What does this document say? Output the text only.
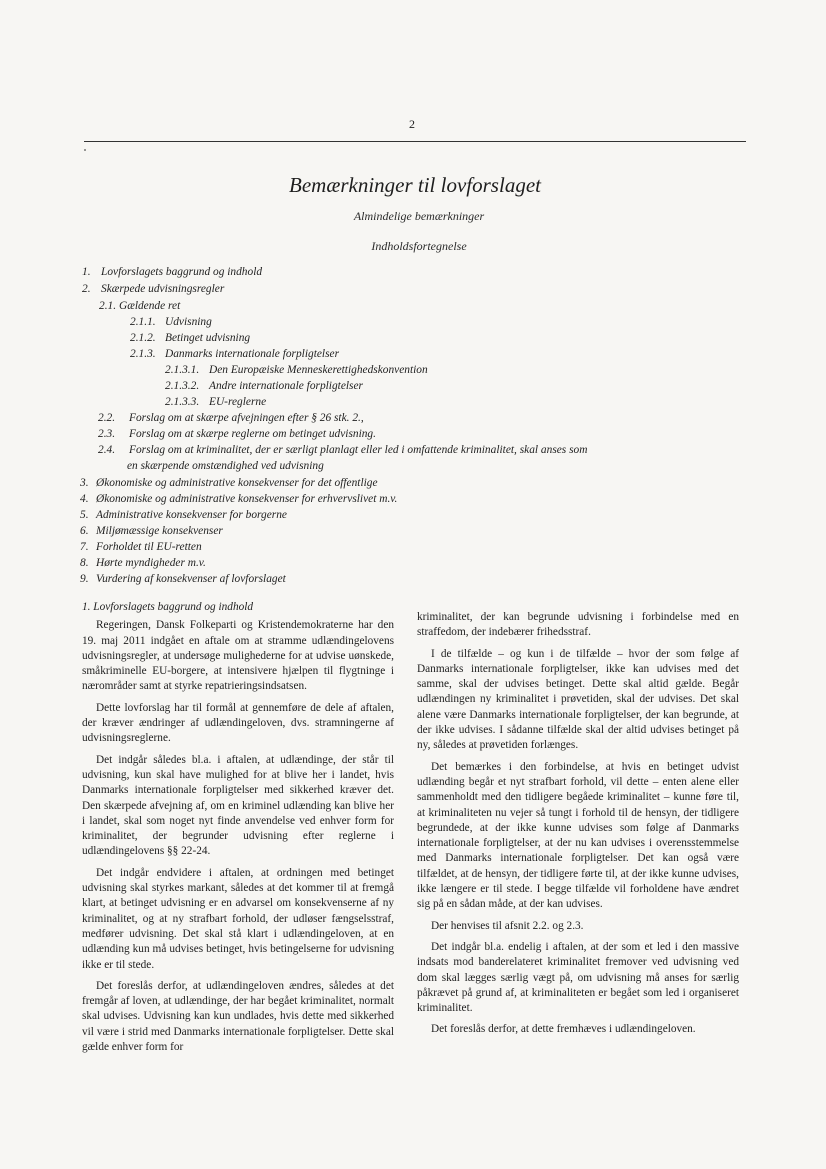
2
Bemærkninger til lovforslaget
Almindelige bemærkninger
Indholdsfortegnelse
1. Lovforslagets baggrund og indhold
2. Skærpede udvisningsregler
2.1. Gældende ret
2.1.1. Udvisning
2.1.2. Betinget udvisning
2.1.3. Danmarks internationale forpligtelser
2.1.3.1. Den Europæiske Menneskerettighedskonvention
2.1.3.2. Andre internationale forpligtelser
2.1.3.3. EU-reglerne
2.2. Forslag om at skærpe afvejningen efter § 26 stk. 2.,
2.3. Forslag om at skærpe reglerne om betinget udvisning.
2.4. Forslag om at kriminalitet, der er særligt planlagt eller led i omfattende kriminalitet, skal anses som
en skærpende omstændighed ved udvisning
3. Økonomiske og administrative konsekvenser for det offentlige
4. Økonomiske og administrative konsekvenser for erhvervslivet m.v.
5. Administrative konsekvenser for borgerne
6. Miljømæssige konsekvenser
7. Forholdet til EU-retten
8. Hørte myndigheder m.v.
9. Vurdering af konsekvenser af lovforslaget

1. Lovforslagets baggrund og indhold

Regeringen, Dansk Folkeparti og Kristendemokraterne har den 19. maj 2011 indgået en aftale om at stramme udlændingelovens udvisningsregler, at undersøge mulighederne for at udvise uønskede, småkriminelle EU-borgere, at intensivere hjælpen til flygtninge i nærområder samt at styrke repatrieringsindsatsen.

Dette lovforslag har til formål at gennemføre de dele af aftalen, der kræver ændringer af udlændingeloven, dvs. stramningerne af udvisningsreglerne.

Det indgår således bl.a. i aftalen, at udlændinge, der står til udvisning, kun skal have mulighed for at blive her i landet, hvis Danmarks internationale forpligtelser med sikkerhed kræver det. Den skærpede afvejning af, om en kriminel udlænding kan blive her i landet, skal som noget nyt finde anvendelse ved enhver form for kriminalitet, der begrunder udvisning efter reglerne i udlændingelovens §§ 22-24.

Det indgår endvidere i aftalen, at ordningen med betinget udvisning skal styrkes markant, således at det kommer til at fremgå klart, at betinget udvisning er en advarsel om konsekvenserne af ny kriminalitet, og at ny strafbart forhold, der udløser fængselsstraf, medfører udvisning. Det skal stå klart i udlændingeloven, at en udlænding kun må udvises betinget, hvis betingelserne for udvisning ikke er til stede.

Det foreslås derfor, at udlændingeloven ændres, således at det fremgår af loven, at udlændinge, der har begået kriminalitet, normalt skal udvises. Udvisning kan kun undlades, hvis dette med sikkerhed vil være i strid med Danmarks internationale forpligtelser. Dette skal gælde enhver form for

kriminalitet, der kan begrunde udvisning i forbindelse med en straffedom, der indebærer frihedsstraf.

I de tilfælde – og kun i de tilfælde – hvor der som følge af Danmarks internationale forpligtelser, ikke kan udvises med det samme, skal der udvises betinget. Dette skal altid gælde. Begår udlændingen ny kriminalitet i prøvetiden, skal der udvises. Det skal alene være Danmarks internationale forpligtelser, der kan begrunde, at der ikke udvises. I sådanne tilfælde skal der altid udvises betinget på ny, således at prøvetiden forlænges.

Det bemærkes i den forbindelse, at hvis en betinget udvist udlænding begår et nyt strafbart forhold, vil dette – enten alene eller sammenholdt med den tidligere begåede kriminalitet – kunne føre til, at kriminaliteten nu vejer så tungt i forhold til de hensyn, der tidligere begrundede, at der ikke kunne udvises som følge af Danmarks internationale forpligtelser, at der nu kan udvises i overensstemmelse med Danmarks internationale forpligtelser. Det kan også være tilfældet, at de hensyn, der tidligere førte til, at der ikke kunne udvises, ikke længere er til stede. I begge tilfælde vil forholdene have ændret sig på en sådan måde, at der kan udvises.

Der henvises til afsnit 2.2. og 2.3.

Det indgår bl.a. endelig i aftalen, at der som et led i den massive indsats mod banderelateret kriminalitet fremover ved udvisning ved dom skal lægges særlig vægt på, om udvisning må anses for særlig påkrævet på grund af, at kriminaliteten er begået som led i organiseret kriminalitet.

Det foreslås derfor, at dette fremhæves i udlændingeloven.
